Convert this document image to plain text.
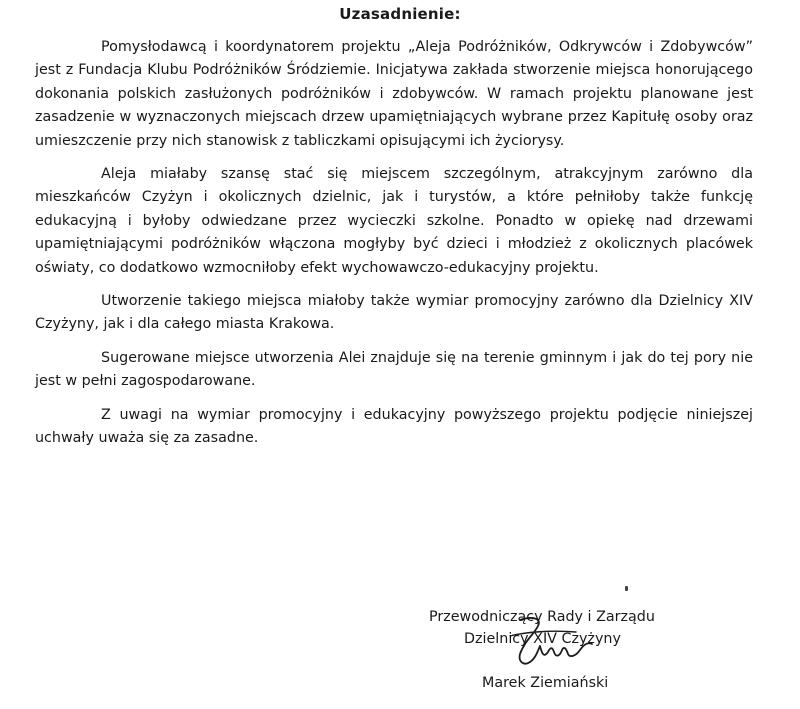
Uzasadnienie:

Pomysłodawcą i koordynatorem projektu „Aleja Podróżników, Odkrywców i Zdobywców” jest z Fundacja Klubu Podróżników Śródziemie. Inicjatywa zakłada stworzenie miejsca honorującego dokonania polskich zasłużonych podróżników i zdobywców. W ramach projektu planowane jest zasadzenie w wyznaczonych miejscach drzew upamiętniających wybrane przez Kapitułę osoby oraz umieszczenie przy nich stanowisk z tabliczkami opisującymi ich życiorysy.

Aleja miałaby szansę stać się miejscem szczególnym, atrakcyjnym zarówno dla mieszkańców Czyżyn i okolicznych dzielnic, jak i turystów, a które pełniłoby także funkcję edukacyjną i byłoby odwiedzane przez wycieczki szkolne. Ponadto w opiekę nad drzewami upamiętniającymi podróżników włączona mogłyby być dzieci i młodzież z okolicznych placówek oświaty, co dodatkowo wzmocniłoby efekt wychowawczo-edukacyjny projektu.

Utworzenie takiego miejsca miałoby także wymiar promocyjny zarówno dla Dzielnicy XIV Czyżyny, jak i dla całego miasta Krakowa.

Sugerowane miejsce utworzenia Alei znajduje się na terenie gminnym i jak do tej pory nie jest w pełni zagospodarowane.

Z uwagi na wymiar promocyjny i edukacyjny powyższego projektu podjęcie niniejszej uchwały uważa się za zasadne.

Przewodniczący Rady i Zarządu
Dzielnicy XIV Czyżyny
Marek Ziemiański
